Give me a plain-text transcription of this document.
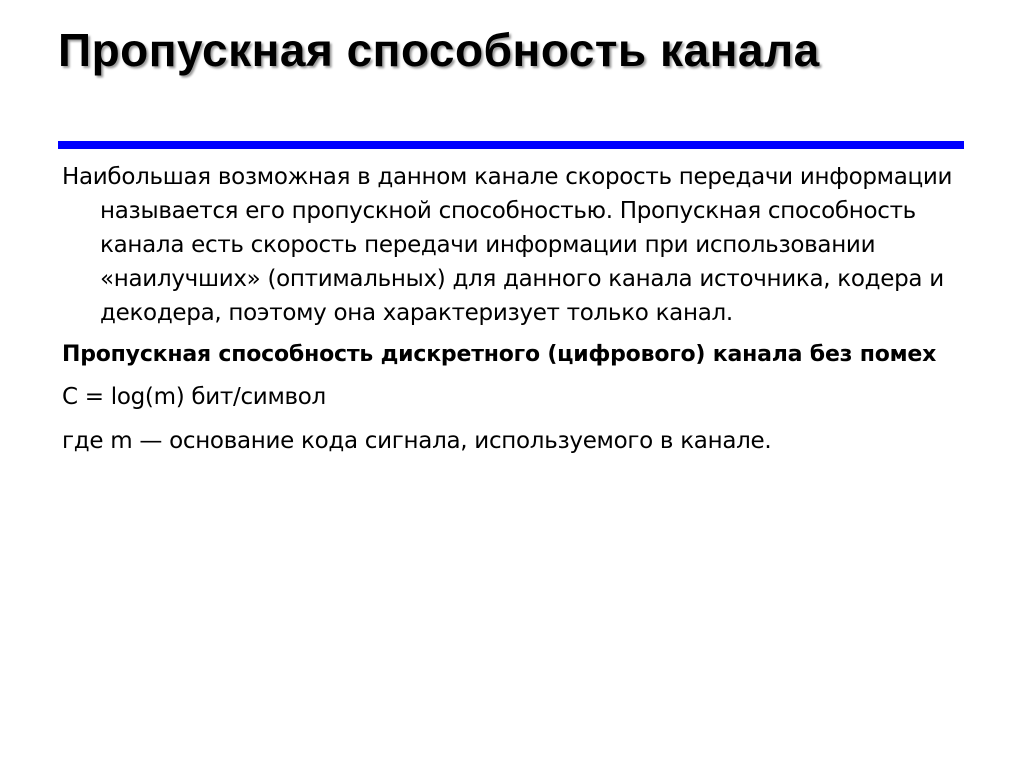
Пропускная способность канала

Наибольшая возможная в данном канале скорость передачи информации называется его пропускной способностью. Пропускная способность канала есть скорость передачи информации при использовании «наилучших» (оптимальных) для данного канала источника, кодера и декодера, поэтому она характеризует только канал.

Пропускная способность дискретного (цифрового) канала без помех

C = log(m) бит/символ

где m — основание кода сигнала, используемого в канале.
